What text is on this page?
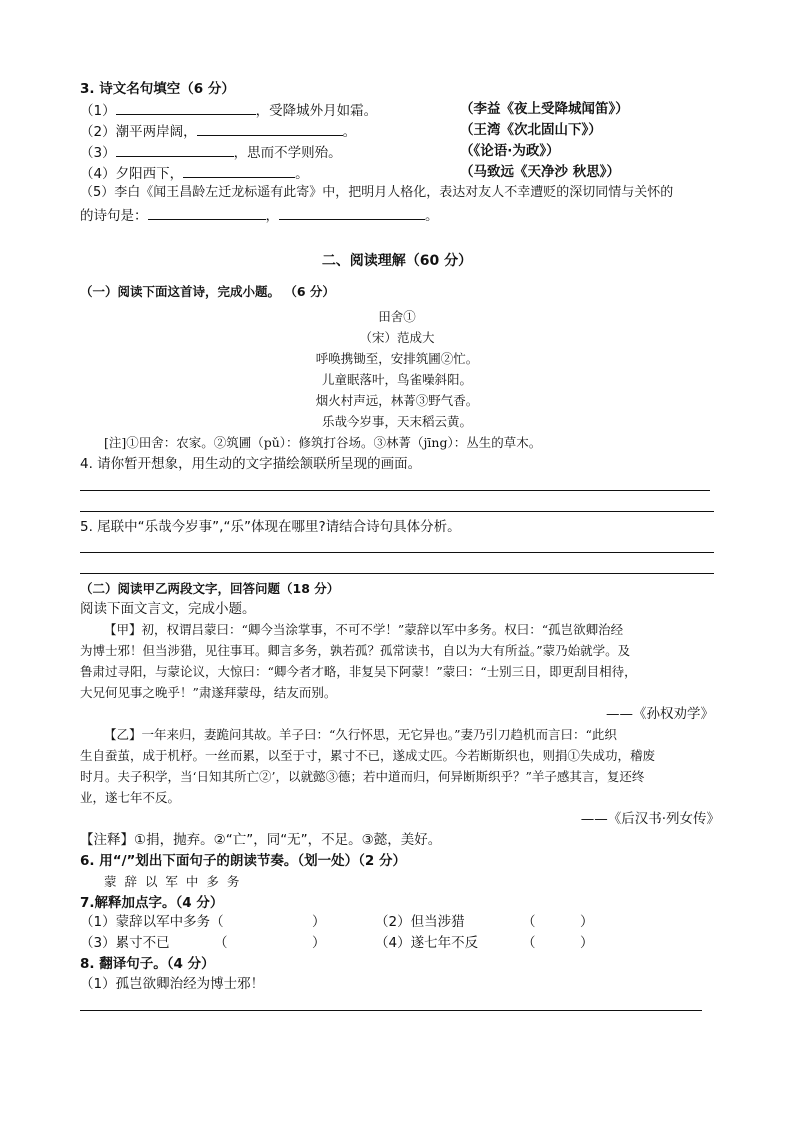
3. 诗文名句填空（6 分）
（1）	，受降城外月如霜。	（李益《夜上受降城闻笛》）
（2）潮平两岸阔，	。	（王湾《次北固山下》）
（3）	，思而不学则殆。	（《论语·为政》）
（4）夕阳西下，	。	（马致远《天净沙 秋思》）
（5）李白《闻王昌龄左迁龙标遥有此寄》中，把明月人格化，表达对友人不幸遭贬的深切同情与关怀的
的诗句是：	，	。
二、阅读理解（60 分）
（一）阅读下面这首诗，完成小题。 （6 分）
田舍①
（宋）范成大
呼唤携锄至，安排筑圃②忙。
儿童眠落叶，鸟雀噪斜阳。
烟火村声远，林菁③野气香。
乐哉今岁事，天末稻云黄。
[注]①田舍：农家。②筑圃（pǔ）：修筑打谷场。③林菁（jīng）：丛生的草木。
4. 请你暂开想象，用生动的文字描绘颔联所呈现的画面。
5. 尾联中“乐哉今岁事”,“乐”体现在哪里?请结合诗句具体分析。
（二）阅读甲乙两段文字，回答问题（18 分）
阅读下面文言文，完成小题。
【甲】初，权谓吕蒙曰：“卿今当涂掌事，不可不学！”蒙辞以军中多务。权曰：“孤岂欲卿治经
为博士邪！但当涉猎，见往事耳。卿言多务，孰若孤？孤常读书，自以为大有所益。”蒙乃始就学。及
鲁肃过寻阳，与蒙论议，大惊曰：“卿今者才略，非复吴下阿蒙！”蒙曰：“士别三日，即更刮目相待，
大兄何见事之晚乎！”肃遂拜蒙母，结友而别。
——《孙权劝学》
【乙】一年来归，妻跪问其故。羊子曰：“久行怀思，无它异也。”妻乃引刀趋机而言曰：“此织
生自蚕茧，成于机杼。一丝而累，以至于寸，累寸不已，遂成丈匹。今若断斯织也，则捐①失成功，稽废
时月。夫子积学，当‘日知其所亡②’，以就懿③德；若中道而归，何异断斯织乎？”羊子感其言，复还终
业，遂七年不反。
——《后汉书·列女传》
【注释】①捐，抛弃。②“亡”，同“无”，不足。③懿，美好。
6. 用“/”划出下面句子的朗读节奏。（划一处）（2 分）
蒙 辞 以 军 中 多 务
7.解释加点字。（4 分）
（1）蒙辞以军中多务（	）	（2）但当涉猎	（	）
（3）累寸不已	（	）	（4）遂七年不反	（	）
8. 翻译句子。（4 分）
（1）孤岂欲卿治经为博士邪！
